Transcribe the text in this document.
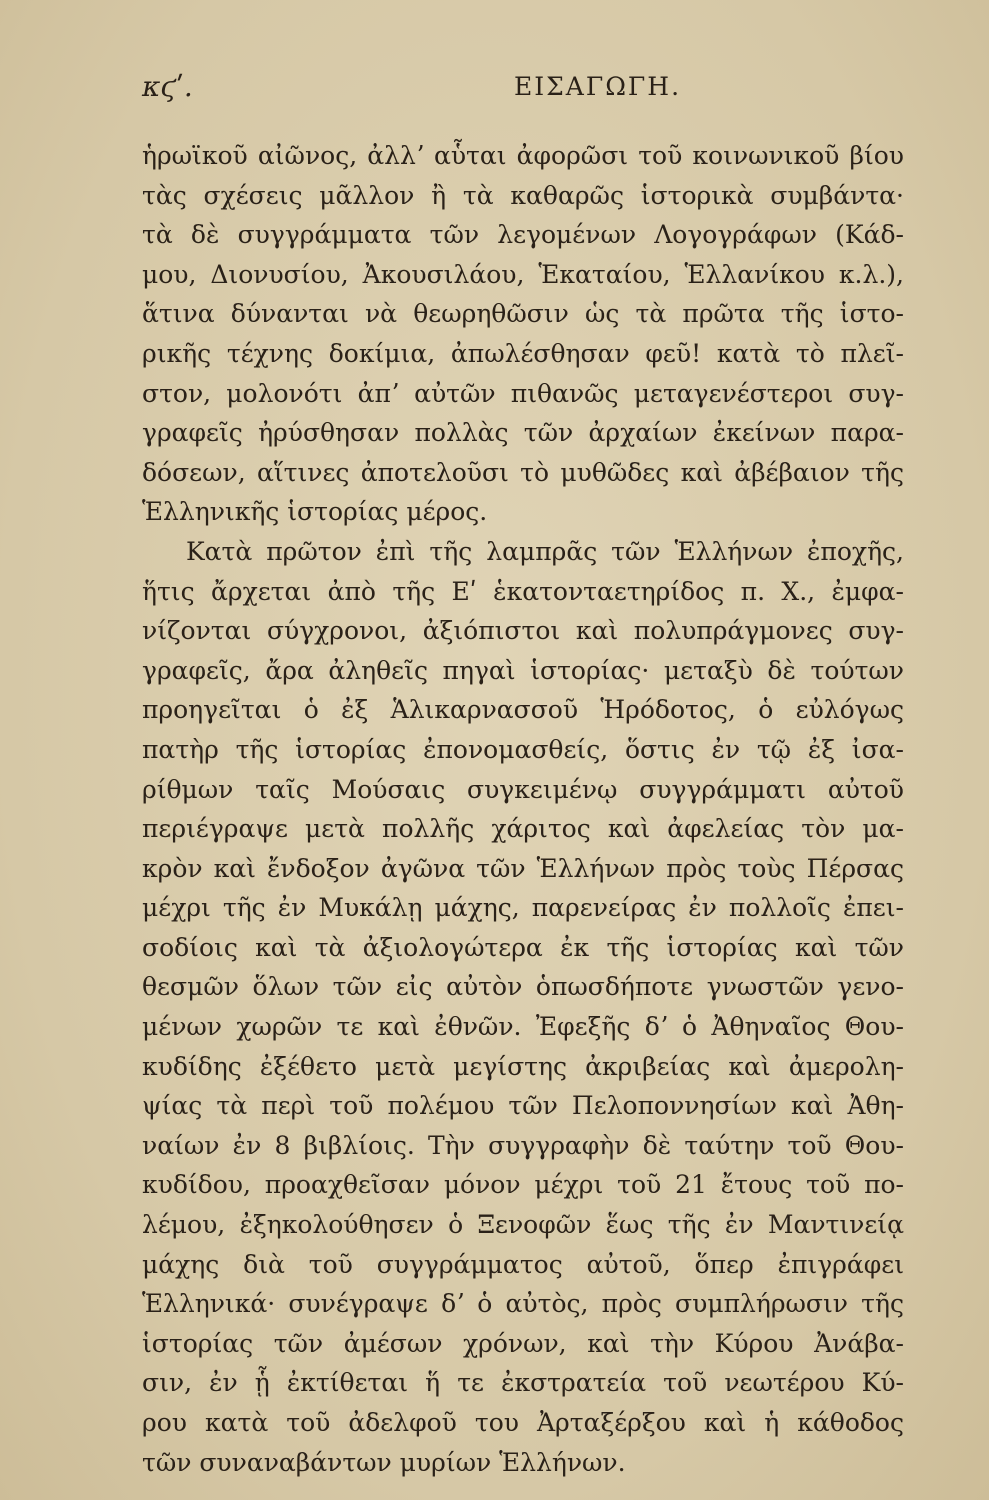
κϛʹ.	ΕΙΣΑΓΩΓΗ.
ἡρωϊκοῦ αἰῶνος, ἀλλʼ αὗται ἀφορῶσι τοῦ κοινωνικοῦ βίου
τὰς σχέσεις μᾶλλον ἢ τὰ καθαρῶς ἱστορικὰ συμβάντα·
τὰ δὲ συγγράμματα τῶν λεγομένων Λογογράφων (Κάδ-
μου, Διονυσίου, Ἀκουσιλάου, Ἑκαταίου, Ἑλλανίκου κ.λ.),
ἅτινα δύνανται νὰ θεωρηθῶσιν ὡς τὰ πρῶτα τῆς ἱστο-
ρικῆς τέχνης δοκίμια, ἀπωλέσθησαν φεῦ! κατὰ τὸ πλεῖ-
στον, μολονότι ἀπʼ αὐτῶν πιθανῶς μεταγενέστεροι συγ-
γραφεῖς ἠρύσθησαν πολλὰς τῶν ἀρχαίων ἐκείνων παρα-
δόσεων, αἵτινες ἀποτελοῦσι τὸ μυθῶδες καὶ ἀβέβαιον τῆς
Ἑλληνικῆς ἱστορίας μέρος.
Κατὰ πρῶτον ἐπὶ τῆς λαμπρᾶς τῶν Ἑλλήνων ἐποχῆς,
ἥτις ἄρχεται ἀπὸ τῆς Εʹ ἑκατονταετηρίδος π. Χ., ἐμφα-
νίζονται σύγχρονοι, ἀξιόπιστοι καὶ πολυπράγμονες συγ-
γραφεῖς, ἄρα ἀληθεῖς πηγαὶ ἱστορίας· μεταξὺ δὲ τούτων
προηγεῖται ὁ ἐξ Ἁλικαρνασσοῦ Ἡρόδοτος, ὁ εὐλόγως
πατὴρ τῆς ἱστορίας ἐπονομασθείς, ὅστις ἐν τῷ ἐξ ἰσα-
ρίθμων ταῖς Μούσαις συγκειμένῳ συγγράμματι αὐτοῦ
περιέγραψε μετὰ πολλῆς χάριτος καὶ ἀφελείας τὸν μα-
κρὸν καὶ ἔνδοξον ἀγῶνα τῶν Ἑλλήνων πρὸς τοὺς Πέρσας
μέχρι τῆς ἐν Μυκάλῃ μάχης, παρενείρας ἐν πολλοῖς ἐπει-
σοδίοις καὶ τὰ ἀξιολογώτερα ἐκ τῆς ἱστορίας καὶ τῶν
θεσμῶν ὅλων τῶν εἰς αὐτὸν ὁπωσδήποτε γνωστῶν γενο-
μένων χωρῶν τε καὶ ἐθνῶν. Ἐφεξῆς δʼ ὁ Ἀθηναῖος Θου-
κυδίδης ἐξέθετο μετὰ μεγίστης ἀκριβείας καὶ ἀμερολη-
ψίας τὰ περὶ τοῦ πολέμου τῶν Πελοποννησίων καὶ Ἀθη-
ναίων ἐν 8 βιβλίοις. Τὴν συγγραφὴν δὲ ταύτην τοῦ Θου-
κυδίδου, προαχθεῖσαν μόνον μέχρι τοῦ 21 ἔτους τοῦ πο-
λέμου, ἐξηκολούθησεν ὁ Ξενοφῶν ἕως τῆς ἐν Μαντινείᾳ
μάχης διὰ τοῦ συγγράμματος αὐτοῦ, ὅπερ ἐπιγράφει
Ἑλληνικά· συνέγραψε δʼ ὁ αὐτὸς, πρὸς συμπλήρωσιν τῆς
ἱστορίας τῶν ἀμέσων χρόνων, καὶ τὴν Κύρου Ἀνάβα-
σιν, ἐν ᾗ ἐκτίθεται ἥ τε ἐκστρατεία τοῦ νεωτέρου Κύ-
ρου κατὰ τοῦ ἀδελφοῦ του Ἀρταξέρξου καὶ ἡ κάθοδος
τῶν συναναβάντων μυρίων Ἑλλήνων.
